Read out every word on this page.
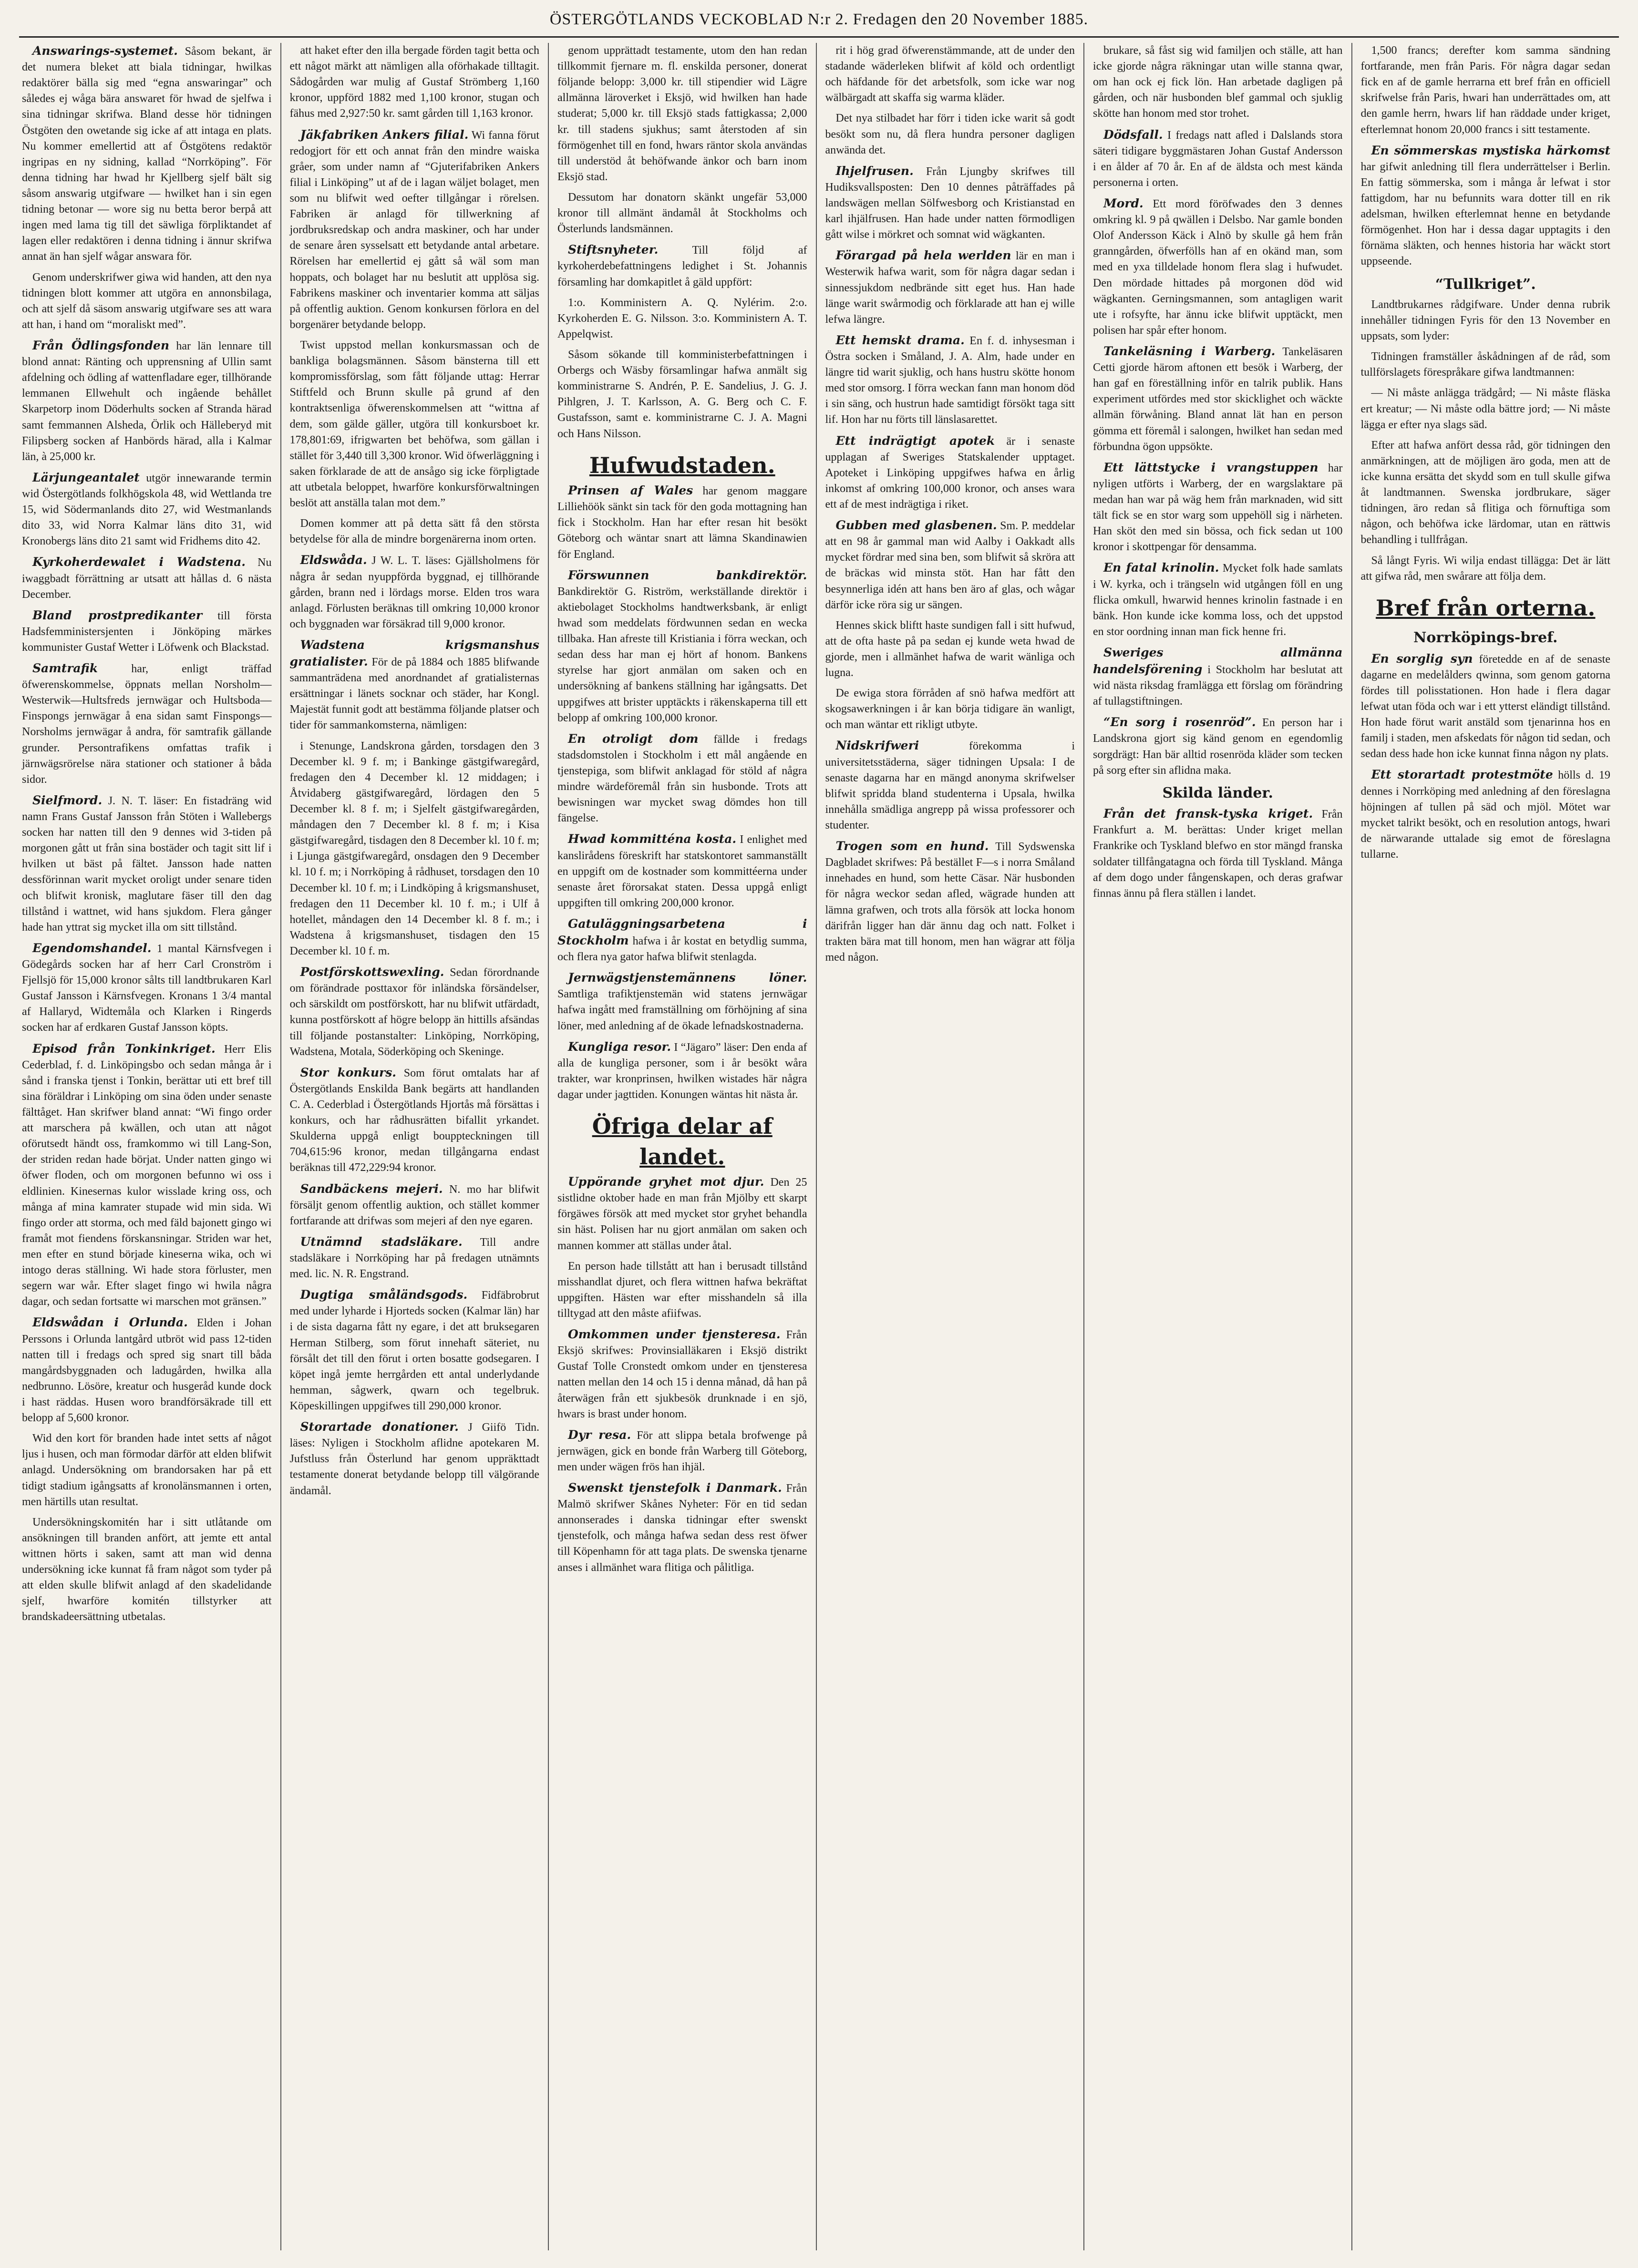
ÖSTERGÖTLANDS VECKOBLAD N:r 2. Fredagen den 20 November 1885.

Answarings-systemet. Såsom bekant, är det numera bleket att biala tidningar, hwilkas redaktörer bälla sig med “egna answaringar” och således ej wåga bära answaret för hwad de sjelfwa i sina tidningar skrifwa. Bland desse hör tidningen Östgöten den owetande sig icke af att intaga en plats. Nu kommer emellertid att af Östgötens redaktör ingripas en ny sidning, kallad “Norrköping”. För denna tidning har hwad hr Kjellberg sjelf bält sig såsom answarig utgifware — hwilket han i sin egen tidning betonar — wore sig nu betta beror berpå att ingen med lama tig till det säwliga förpliktandet af lagen eller redaktören i denna tidning i ännur skrifwa annat än han sjelf wågar answara för.

Genom underskrifwer giwa wid handen, att den nya tidningen blott kommer att utgöra en annonsbilaga, och att sjelf då säsom answarig utgifware ses att wara att han, i hand om “moraliskt med”.

Från Ödlingsfonden har län lennare till blond annat: Ränting och upprensning af Ullin samt afdelning och ödling af wattenfladare eger, tillhörande lemmanen Ellwehult och ingående behållet Skarpetorp inom Döderhults socken af Stranda härad samt femmannen Alsheda, Örlik och Hälleberyd mit Filipsberg socken af Hanbörds härad, alla i Kalmar län, à 25,000 kr.

Lärjungeantalet utgör innewarande termin wid Östergötlands folkhögskola 48, wid Wettlanda tre 15, wid Södermanlands dito 27, wid Westmanlands dito 33, wid Norra Kalmar läns dito 31, wid Kronobergs läns dito 21 samt wid Fridhems dito 42.

Kyrkoherdewalet i Wadstena. Nu iwaggbadt förrättning ar utsatt att hållas d. 6 nästa December.

Bland prostpredikanter till första Hadsfemministersjenten i Jönköping märkes kommunister Gustaf Wetter i Löfwenk och Blackstad.

Samtrafik	har, enligt träffad öfwerenskommelse, öppnats mellan Norsholm—Westerwik—Hultsfreds jernwägar och Hultsboda—Finspongs jernwägar å ena sidan samt Finspongs—Norsholms jernwägar å andra, för samtrafik gällande grunder. Persontrafikens omfattas trafik i järnwägsrörelse nära stationer och stationer å båda sidor.

Sielfmord. J. N. T. läser: En fistadräng wid namn Frans Gustaf Jansson från Stöten i Wallebergs socken har natten till den 9 dennes wid 3-tiden på morgonen gått ut från sina bostäder och tagit sitt lif i hvilken ut bäst på fältet. Jansson hade natten dessförinnan warit mycket oroligt under senare tiden och blifwit kronisk, maglutare fäser till den dag tillstånd i wattnet, wid hans sjukdom. Flera gånger hade han yttrat sig mycket illa om sitt tillstånd.

Egendomshandel. 1 mantal Kärnsfvegen i Gödegårds socken har af herr Carl Cronström i Fjellsjö för 15,000 kronor sålts till landtbrukaren Karl Gustaf Jansson i Kärnsfvegen. Kronans 1 3/4 mantal af Hallaryd, Widtemåla och Klarken i Ringerds socken har af erdkaren Gustaf Jansson köpts.

Episod från Tonkinkriget. Herr Elis Cederblad, f. d. Linköpingsbo och sedan många år i sånd i franska tjenst i Tonkin, berättar uti ett bref till sina föräldrar i Linköping om sina öden under senaste fälttåget. Han skrifwer bland annat: “Wi fingo order att marschera på kwällen, och utan att något oförutsedt händt oss, framkommo wi till Lang-Son, der striden redan hade börjat. Under natten gingo wi öfwer floden, och om morgonen befunno wi oss i eldlinien. Kinesernas kulor wisslade kring oss, och många af mina kamrater stupade wid min sida. Wi fingo order att storma, och med fäld bajonett gingo wi framåt mot fiendens förskansningar. Striden war het, men efter en stund började kineserna wika, och wi intogo deras ställning. Wi hade stora förluster, men segern war wår. Efter slaget fingo wi hwila några dagar, och sedan fortsatte wi marschen mot gränsen.”

Eldswådan i Orlunda. Elden i Johan Perssons i Orlunda lantgård utbröt wid pass 12-tiden natten till i fredags och spred sig snart till båda mangårdsbyggnaden och ladugården, hwilka alla nedbrunno. Lösöre, kreatur och husgeråd kunde dock i hast räddas. Husen woro brandförsäkrade till ett belopp af 5,600 kronor.

Wid den kort för branden hade intet setts af något ljus i husen, och man förmodar därför att elden blifwit anlagd. Undersökning om brandorsaken har på ett tidigt stadium igångsatts af kronolänsmannen i orten, men härtills utan resultat.

Undersökningskomitén har i sitt utlåtande om ansökningen till branden anfört, att jemte ett antal wittnen hörts i saken, samt att man wid denna undersökning icke kunnat få fram något som tyder på att elden skulle blifwit anlagd af den skadelidande sjelf, hwarföre komitén tillstyrker att brandskadeersättning utbetalas.

att haket efter den illa bergade förden tagit betta och ett något märkt att nämligen alla oförhakade tilltagit. Sådogården war mulig af Gustaf Strömberg 1,160 kronor, uppförd 1882 med 1,100 kronor, stugan och fähus med 2,927:50 kr. samt gården till 1,163 kronor.

Jäkfabriken Ankers filial. Wi fanna förut redogjort för ett och annat från den mindre waiska gråer, som under namn af “Gjuterifabriken Ankers filial i Linköping” ut af de i lagan wäljet bolaget, men som nu blifwit wed oefter tillgångar i rörelsen. Fabriken är anlagd för tillwerkning af jordbruksredskap och andra maskiner, och har under de senare åren sysselsatt ett betydande antal arbetare. Rörelsen har emellertid ej gått så wäl som man hoppats, och bolaget har nu beslutit att upplösa sig. Fabrikens maskiner och inventarier komma att säljas på offentlig auktion. Genom konkursen förlora en del borgenärer betydande belopp.

Twist uppstod mellan konkursmassan och de bankliga bolagsmännen. Såsom bänsterna till ett kompromissförslag, som fått följande uttag: Herrar Stiftfeld och Brunn skulle på grund af den kontraktsenliga öfwerenskommelsen att “wittna af dem, som gälde gäller, utgöra till konkursboet kr. 178,801:69, ifrigwarten bet behöfwa, som gällan i stället för 3,440 till 3,300 kronor. Wid öfwerläggning i saken förklarade de att de ansågo sig icke förpligtade att utbetala beloppet, hwarföre konkursförwaltningen beslöt att anställa talan mot dem.”

Domen kommer att på detta sätt få den största betydelse för alla de mindre borgenärerna inom orten.

Eldswåda. J W. L. T. läses: Gjällsholmens för några år sedan nyuppförda byggnad, ej tillhörande gården, brann ned i lördags morse. Elden tros wara anlagd. Förlusten beräknas till omkring 10,000 kronor och byggnaden war försäkrad till 9,000 kronor.

Wadstena krigsmanshus gratialister. För de på 1884 och 1885 blifwande sammanträdena med anordnandet af gratialisternas ersättningar i länets socknar och städer, har Kongl. Majestät funnit godt att bestämma följande platser och tider för sammankomsterna, nämligen:

i Stenunge, Landskrona gården, torsdagen den 3 December kl. 9 f. m; i Bankinge gästgifwaregård, fredagen den 4 December kl. 12 middagen; i Åtvidaberg gästgifwaregård, lördagen den 5 December kl. 8 f. m; i Sjelfelt gästgifwaregården, måndagen den 7 December kl. 8 f. m; i Kisa gästgifwaregård, tisdagen den 8 December kl. 10 f. m; i Ljunga gästgifwaregård, onsdagen den 9 December kl. 10 f. m; i Norrköping å rådhuset, torsdagen den 10 December kl. 10 f. m; i Lindköping å krigsmanshuset, fredagen den 11 December kl. 10 f. m.; i Ulf å hotellet, måndagen den 14 December kl. 8 f. m.; i Wadstena å krigsmanshuset, tisdagen den 15 December kl. 10 f. m.

Postförskottswexling. Sedan förordnande om förändrade posttaxor för inländska försändelser, och särskildt om postförskott, har nu blifwit utfärdadt, kunna postförskott af högre belopp än hittills afsändas till följande postanstalter: Linköping, Norrköping, Wadstena, Motala, Söderköping och Skeninge.

Stor konkurs. Som förut omtalats har af Östergötlands Enskilda Bank begärts att handlanden C. A. Cederblad i Östergötlands Hjortås må försättas i konkurs, och har rådhusrätten bifallit yrkandet. Skulderna uppgå enligt bouppteckningen till 704,615:96 kronor, medan tillgångarna endast beräknas till 472,229:94 kronor.

Sandbäckens mejeri. N. mo har blifwit försäljt genom offentlig auktion, och stället kommer fortfarande att drifwas som mejeri af den nye egaren.

Utnämnd stadsläkare. Till andre stadsläkare i Norrköping har på fredagen utnämnts med. lic. N. R. Engstrand.

Dugtiga småländsgods. Fidfäbrobrut med under lyharde i Hjorteds socken (Kalmar län) har i de sista dagarna fått ny egare, i det att bruksegaren Herman Stilberg, som förut innehaft säteriet, nu försålt det till den förut i orten bosatte godsegaren. I köpet ingå jemte herrgården ett antal underlydande hemman, sågwerk, qwarn och tegelbruk. Köpeskillingen uppgifwes till 290,000 kronor.

Storartade donationer. J Giifö Tidn. läses: Nyligen i Stockholm aflidne apotekaren M. Jufstluss från Österlund har genom uppräkttadt testamente donerat betydande belopp till välgörande ändamål.

genom upprättadt testamente, utom den han redan tillkommit fjernare m. fl. enskilda personer, donerat följande belopp: 3,000 kr. till stipendier wid Lägre allmänna läroverket i Eksjö, wid hwilken han hade studerat; 5,000 kr. till Eksjö stads fattigkassa; 2,000 kr. till stadens sjukhus; samt återstoden af sin förmögenhet till en fond, hwars räntor skola användas till understöd åt behöfwande änkor och barn inom Eksjö stad.

Dessutom har donatorn skänkt ungefär 53,000 kronor till allmänt ändamål åt Stockholms och Österlunds landsmännen.

Stiftsnyheter.	Till följd af kyrkoherdebefattningens ledighet i St. Johannis församling har domkapitlet å gäld uppfört:

1:o. Komministern A. Q. Nylérim. 2:o. Kyrkoherden E. G. Nilsson. 3:o. Komministern A. T. Appelqwist.

Såsom sökande till komministerbefattningen i Orbergs och Wäsby församlingar hafwa anmält sig komministrarne S. Andrén, P. E. Sandelius, J. G. J. Pihlgren, J. T. Karlsson, A. G. Berg och C. F. Gustafsson, samt e. komministrarne C. J. A. Magni och Hans Nilsson.

Hufwudstaden.

Prinsen af Wales har genom maggare Lilliehöök sänkt sin tack för den goda mottagning han fick i Stockholm. Han har efter resan hit besökt Göteborg och wäntar snart att lämna Skandinawien för England.

Förswunnen bankdirektör. Bankdirektör G. Riström, werkställande direktör i aktiebolaget Stockholms handtwerksbank, är enligt hwad som meddelats fördwunnen sedan en wecka tillbaka. Han afreste till Kristiania i förra weckan, och sedan dess har man ej hört af honom. Bankens styrelse har gjort anmälan om saken och en undersökning af bankens ställning har igångsatts. Det uppgifwes att brister upptäckts i räkenskaperna till ett belopp af omkring 100,000 kronor.

En otroligt dom fällde i fredags stadsdomstolen i Stockholm i ett mål angående en tjenstepiga, som blifwit anklagad för stöld af några mindre wärdeföremål från sin husbonde. Trots att bewisningen war mycket swag dömdes hon till fängelse.

Hwad kommitténa kosta. I enlighet med kanslirådens föreskrift har statskontoret sammanställt en uppgift om de kostnader som kommittéerna under senaste året förorsakat staten. Dessa uppgå enligt uppgiften till omkring 200,000 kronor.

Gatuläggningsarbetena i Stockholm hafwa i år kostat en betydlig summa, och flera nya gator hafwa blifwit stenlagda.

Jernwägstjenstemännens löner. Samtliga trafiktjenstemän wid statens jernwägar hafwa ingått med framställning om förhöjning af sina löner, med anledning af de ökade lefnadskostnaderna.

Kungliga resor. I “Jägaro” läser: Den enda af alla de kungliga personer, som i år besökt wåra trakter, war kronprinsen, hwilken wistades här några dagar under jagttiden. Konungen wäntas hit nästa år.

Öfriga delar af landet.

Uppörande gryhet mot djur. Den 25 sistlidne oktober hade en man från Mjölby ett skarpt förgäwes försök att med mycket stor gryhet behandla sin häst. Polisen har nu gjort anmälan om saken och mannen kommer att ställas under åtal.

En person hade tillstått att han i berusadt tillstånd misshandlat djuret, och flera wittnen hafwa bekräftat uppgiften. Hästen war efter misshandeln så illa tilltygad att den måste afiifwas.

Omkommen under tjensteresa. Från Eksjö skrifwes: Provinsialläkaren i Eksjö distrikt Gustaf Tolle Cronstedt omkom under en tjensteresa natten mellan den 14 och 15 i denna månad, då han på återwägen från ett sjukbesök drunknade i en sjö, hwars is brast under honom.

Dyr resa. För att slippa betala brofwenge på jernwägen, gick en bonde från Warberg till Göteborg, men under wägen frös han ihjäl.

Swenskt tjenstefolk i Danmark. Från Malmö skrifwer Skånes Nyheter: För en tid sedan annonserades i danska tidningar efter swenskt tjenstefolk, och många hafwa sedan dess rest öfwer till Köpenhamn för att taga plats. De swenska tjenarne anses i allmänhet wara flitiga och pålitliga.

rit i hög grad öfwerenstämmande, att de under den stadande wäderleken blifwit af köld och ordentligt och häfdande för det arbetsfolk, som icke war nog wälbärgadt att skaffa sig warma kläder.

Det nya stilbadet har förr i tiden icke warit så godt besökt som nu, då flera hundra personer dagligen anwända det.

Ihjelfrusen. Från Ljungby skrifwes till Hudiksvallsposten: Den 10 dennes påträffades på landswägen mellan Sölfwesborg och Kristianstad en karl ihjälfrusen. Han hade under natten förmodligen gått wilse i mörkret och somnat wid wägkanten.

Förargad på hela werlden lär en man i Westerwik hafwa warit, som för några dagar sedan i sinnessjukdom nedbrände sitt eget hus. Han hade länge warit swårmodig och förklarade att han ej wille lefwa längre.

Ett hemskt drama. En f. d. inhysesman i Östra socken i Småland, J. A. Alm, hade under en längre tid warit sjuklig, och hans hustru skötte honom med stor omsorg. I förra weckan fann man honom död i sin säng, och hustrun hade samtidigt försökt taga sitt lif. Hon har nu förts till länslasarettet.

Ett indrägtigt apotek är i senaste upplagan af Sweriges Statskalender upptaget. Apoteket i Linköping uppgifwes hafwa en årlig inkomst af omkring 100,000 kronor, och anses wara ett af de mest indrägtiga i riket.

Gubben med glasbenen. Sm. P. meddelar att en 98 år gammal man wid Aalby i Oakkadt alls mycket fördrar med sina ben, som blifwit så skröra att de bräckas wid minsta stöt. Han har fått den besynnerliga idén att hans ben äro af glas, och wågar därför icke röra sig ur sängen.

Hennes skick bliftt haste sundigen fall i sitt hufwud, att de ofta haste på pa sedan ej kunde weta hwad de gjorde, men i allmänhet hafwa de warit wänliga och lugna.

De ewiga stora förråden af snö hafwa medfört att skogsawerkningen i år kan börja tidigare än wanligt, och man wäntar ett rikligt utbyte.

Nidskrifweri	förekomma i universitetsstäderna, säger tidningen Upsala: I de senaste dagarna har en mängd anonyma skrifwelser blifwit spridda bland studenterna i Upsala, hwilka innehålla smädliga angrepp på wissa professorer och studenter.

Trogen som en hund. Till Sydswenska Dagbladet skrifwes: På bestället F—s i norra Småland innehades en hund, som hette Cäsar. När husbonden för några weckor sedan afled, wägrade hunden att lämna grafwen, och trots alla försök att locka honom därifrån ligger han där ännu dag och natt. Folket i trakten bära mat till honom, men han wägrar att följa med någon.

brukare, så fåst sig wid familjen och ställe, att han icke gjorde några räkningar utan wille stanna qwar, om han ock ej fick lön. Han arbetade dagligen på gården, och när husbonden blef gammal och sjuklig skötte han honom med stor trohet.

Dödsfall. I fredags natt afled i Dalslands stora säteri tidigare byggmästaren Johan Gustaf Andersson i en ålder af 70 år. En af de äldsta och mest kända personerna i orten.

Mord. Ett mord föröfwades den 3 dennes omkring kl. 9 på qwällen i Delsbo. Nar gamle bonden Olof Andersson Käck i Alnö by skulle gå hem från granngården, öfwerfölls han af en okänd man, som med en yxa tilldelade honom flera slag i hufwudet. Den mördade hittades på morgonen död wid wägkanten. Gerningsmannen, som antagligen warit ute i rofsyfte, har ännu icke blifwit upptäckt, men polisen har spår efter honom.

Tankeläsning i Warberg. Tankeläsaren Cetti gjorde härom aftonen ett besök i Warberg, der han gaf en föreställning inför en talrik publik. Hans experiment utfördes med stor skicklighet och wäckte allmän förwåning. Bland annat lät han en person gömma ett föremål i salongen, hwilket han sedan med förbundna ögon uppsökte.

Ett lättstycke i vrangstuppen har nyligen utförts i Warberg, der en wargslaktare pä medan han war på wäg hem från marknaden, wid sitt tält fick se en stor warg som uppehöll sig i närheten. Han sköt den med sin bössa, och fick sedan ut 100 kronor i skottpengar för densamma.

En fatal krinolin. Mycket folk hade samlats i W. kyrka, och i trängseln wid utgången föll en ung flicka omkull, hwarwid hennes krinolin fastnade i en bänk. Hon kunde icke komma loss, och det uppstod en stor oordning innan man fick henne fri.

Sweriges allmänna handelsförening i Stockholm har beslutat att wid nästa riksdag framlägga ett förslag om förändring af tullagstiftningen.

“En sorg i rosenröd”. En person har i Landskrona gjort sig känd genom en egendomlig sorgdrägt: Han bär alltid rosenröda kläder som tecken på sorg efter sin aflidna maka.

Skilda länder.

Från det fransk-tyska kriget. Från Frankfurt a. M. berättas: Under kriget mellan Frankrike och Tyskland blefwo en stor mängd franska soldater tillfångatagna och förda till Tyskland. Många af dem dogo under fångenskapen, och deras grafwar finnas ännu på flera ställen i landet.

1,500 francs; derefter kom samma sändning fortfarande, men från Paris. För några dagar sedan fick en af de gamle herrarna ett bref från en officiell skrifwelse från Paris, hwari han underrättades om, att den gamle herrn, hwars lif han räddade under kriget, efterlemnat honom 20,000 francs i sitt testamente.

En sömmerskas mystiska härkomst har gifwit anledning till flera underrättelser i Berlin. En fattig sömmerska, som i många år lefwat i stor fattigdom, har nu befunnits wara dotter till en rik adelsman, hwilken efterlemnat henne en betydande förmögenhet. Hon har i dessa dagar upptagits i den förnäma släkten, och hennes historia har wäckt stort uppseende.

“Tullkriget”.

Landtbrukarnes rådgifware. Under denna rubrik innehåller tidningen Fyris för den 13 November en uppsats, som lyder:

Tidningen framställer åskådningen af de råd, som tullförslagets förespråkare gifwa landtmannen:

— Ni måste anlägga trädgård; — Ni måste fläska ert kreatur; — Ni måste odla bättre jord; — Ni måste lägga er efter nya slags säd.

Efter att hafwa anfört dessa råd, gör tidningen den anmärkningen, att de möjligen äro goda, men att de icke kunna ersätta det skydd som en tull skulle gifwa åt landtmannen. Swenska jordbrukare, säger tidningen, äro redan så flitiga och förnuftiga som någon, och behöfwa icke lärdomar, utan en rättwis behandling i tullfrågan.

Så långt Fyris. Wi wilja endast tillägga: Det är lätt att gifwa råd, men swårare att följa dem.

Bref från orterna.
Norrköpings-bref.

En sorglig syn företedde en af de senaste dagarne en medelålders qwinna, som genom gatorna fördes till polisstationen. Hon hade i flera dagar lefwat utan föda och war i ett ytterst eländigt tillstånd. Hon hade förut warit anstäld som tjenarinna hos en familj i staden, men afskedats för någon tid sedan, och sedan dess hade hon icke kunnat finna någon ny plats.

Ett storartadt protestmöte hölls d. 19 dennes i Norrköping med anledning af den föreslagna höjningen af tullen på säd och mjöl. Mötet war mycket talrikt besökt, och en resolution antogs, hwari de närwarande uttalade sig emot de föreslagna tullarne.
